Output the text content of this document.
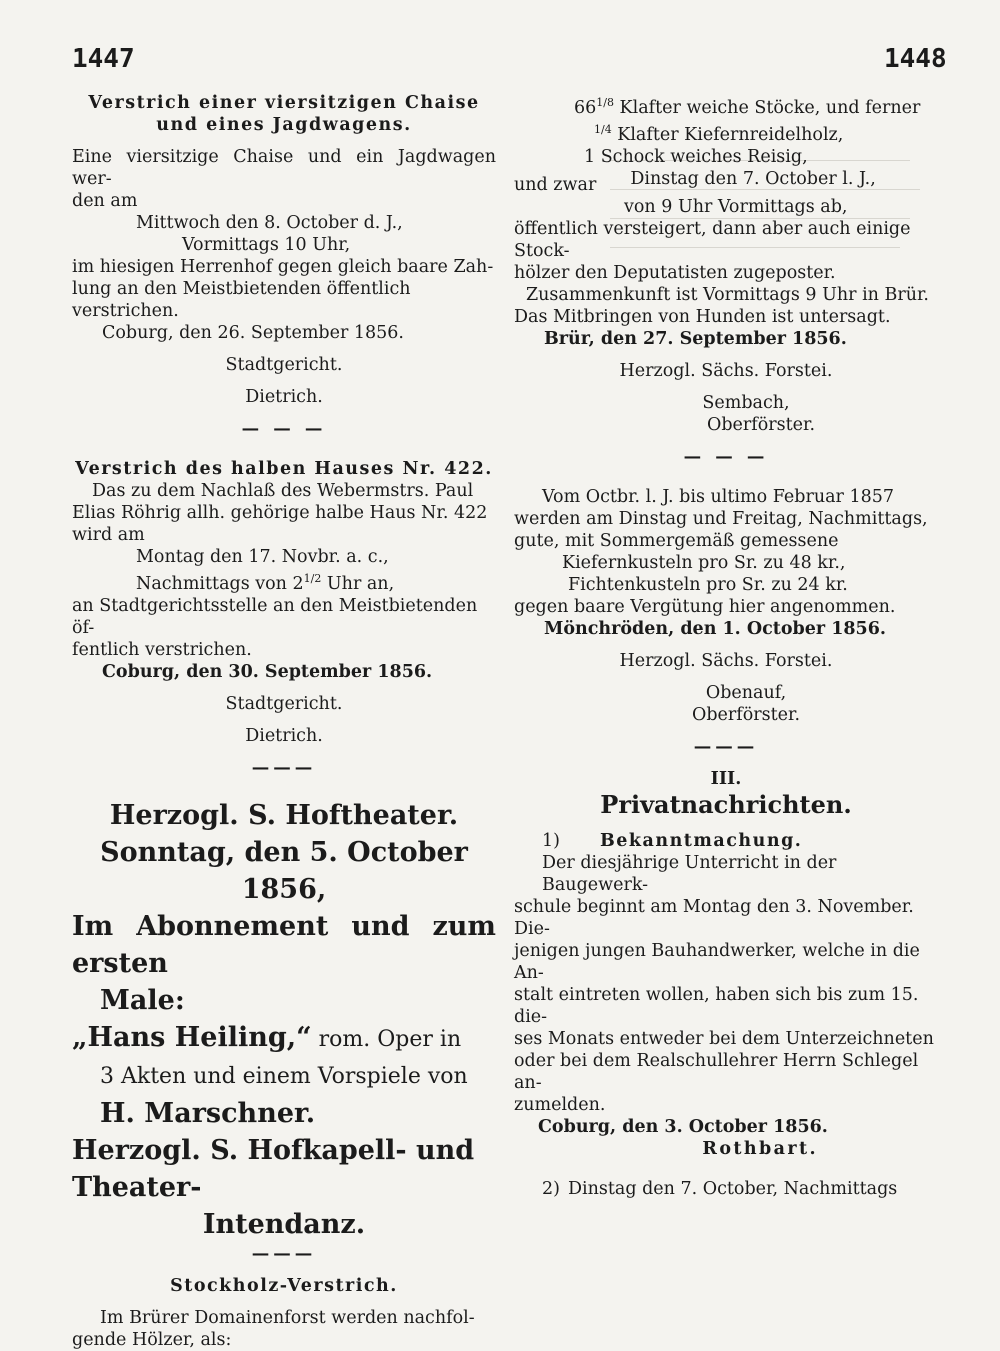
1447	1448
Verstrich einer viersitzigen Chaise und eines Jagdwagens.
Eine viersitzige Chaise und ein Jagdwagen wer-
den am
Mittwoch den 8. October d. J.,
Vormittags 10 Uhr,
im hiesigen Herrenhof gegen gleich baare Zah-
lung an den Meistbietenden öffentlich verstrichen.
Coburg, den 26. September 1856.
Stadtgericht.
Dietrich.
— — —
Verstrich des halben Hauses Nr. 422.
Das zu dem Nachlaß des Webermstrs. Paul
Elias Röhrig allh. gehörige halbe Haus Nr. 422
wird am
Montag den 17. Novbr. a. c.,
Nachmittags von $2^{1/2}$ Uhr an,
an Stadtgerichtsstelle an den Meistbietenden öf-
fentlich verstrichen.
Coburg, den 30. September 1856.
Stadtgericht.
Dietrich.
———
Herzogl. S. Hoftheater.
Sonntag, den 5. October 1856,
Im Abonnement und zum ersten
Male:
„Hans Heiling,“ rom. Oper in
3 Akten und einem Vorspiele von
H. Marschner.
Herzogl. S. Hofkapell- und Theater-
Intendanz.
———
Stockholz-Verstrich.
Im Brürer Domainenforst werden nachfol-
gende Hölzer, als:
$66^{1/8}$ Klafter weiche Stöcke, und ferner
$^{1/4}$ Klafter Kiefernreidelholz,
1 Schock weiches Reisig,
und zwar	Dinstag den 7. October l. J.,
von 9 Uhr Vormittags ab,
öffentlich versteigert, dann aber auch einige Stock-
hölzer den Deputatisten zugeposter.
Zusammenkunft ist Vormittags 9 Uhr in Brür.
Das Mitbringen von Hunden ist untersagt.
Brür, den 27. September 1856.
Herzogl. Sächs. Forstei.
Sembach,
Oberförster.
— — —
Vom Octbr. l. J. bis ultimo Februar 1857
werden am Dinstag und Freitag, Nachmittags,
gute, mit Sommergemäß gemessene
Kiefernkusteln pro Sr. zu 48 kr.,
Fichtenkusteln pro Sr. zu 24 kr.
gegen baare Vergütung hier angenommen.
Mönchröden, den 1. October 1856.
Herzogl. Sächs. Forstei.
Obenauf,
Oberförster.
———
III.
Privatnachrichten.
1)	Bekanntmachung.
Der diesjährige Unterricht in der Baugewerk-
schule beginnt am Montag den 3. November. Die-
jenigen jungen Bauhandwerker, welche in die An-
stalt eintreten wollen, haben sich bis zum 15. die-
ses Monats entweder bei dem Unterzeichneten
oder bei dem Realschullehrer Herrn Schlegel an-
zumelden.
Coburg, den 3. October 1856.
Rothbart.
2) Dinstag den 7. October, Nachmittags
